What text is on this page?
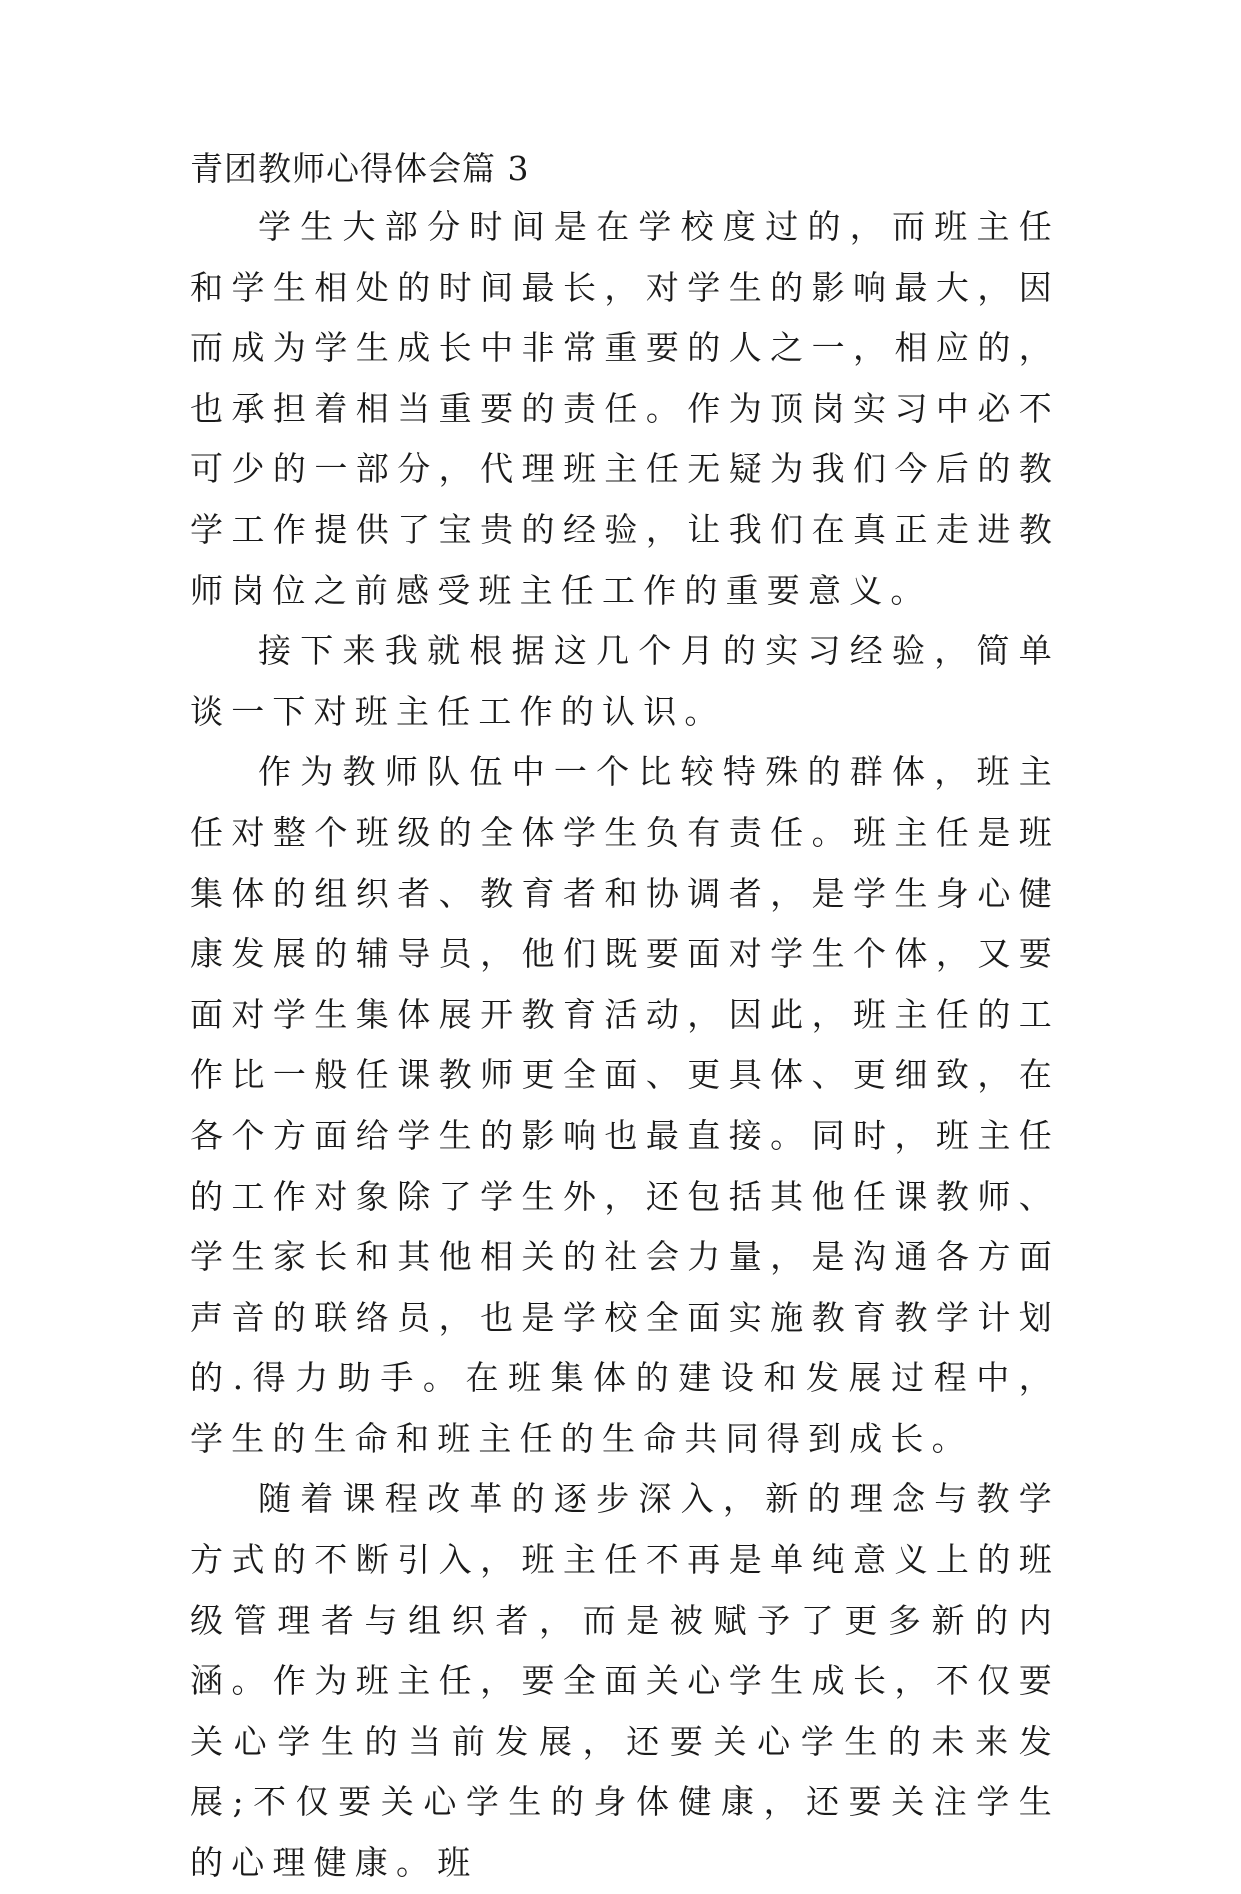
青团教师心得体会篇 3

学生大部分时间是在学校度过的，而班主任和学生相处的时间最长，对学生的影响最大，因而成为学生成长中非常重要的人之一，相应的，也承担着相当重要的责任。作为顶岗实习中必不可少的一部分，代理班主任无疑为我们今后的教学工作提供了宝贵的经验，让我们在真正走进教师岗位之前感受班主任工作的重要意义。

接下来我就根据这几个月的实习经验，简单谈一下对班主任工作的认识。

作为教师队伍中一个比较特殊的群体，班主任对整个班级的全体学生负有责任。班主任是班集体的组织者、教育者和协调者，是学生身心健康发展的辅导员，他们既要面对学生个体，又要面对学生集体展开教育活动，因此，班主任的工作比一般任课教师更全面、更具体、更细致，在各个方面给学生的影响也最直接。同时，班主任的工作对象除了学生外，还包括其他任课教师、学生家长和其他相关的社会力量，是沟通各方面声音的联络员，也是学校全面实施教育教学计划的.得力助手。在班集体的建设和发展过程中，学生的生命和班主任的生命共同得到成长。

随着课程改革的逐步深入，新的理念与教学方式的不断引入，班主任不再是单纯意义上的班级管理者与组织者，而是被赋予了更多新的内涵。作为班主任，要全面关心学生成长，不仅要关心学生的当前发展，还要关心学生的未来发展;不仅要关心学生的身体健康，还要关注学生的心理健康。班
